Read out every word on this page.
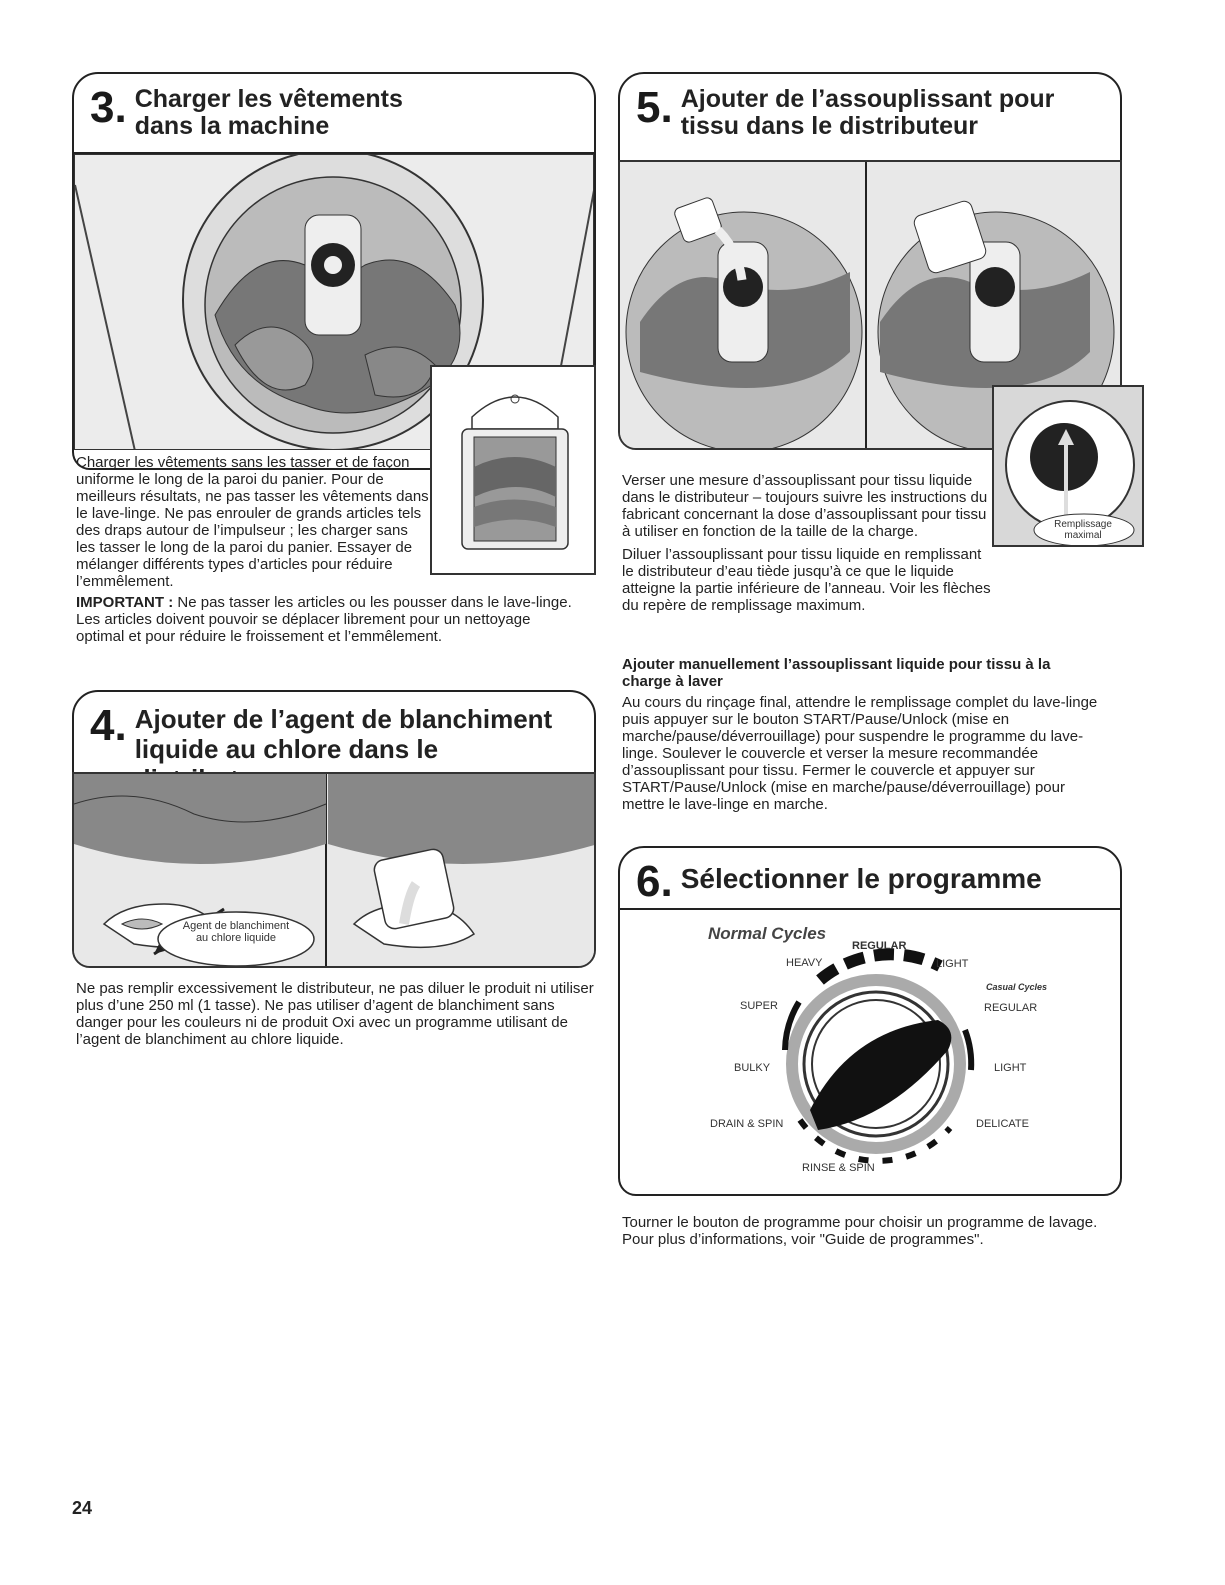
3. Charger les vêtements dans la machine
Charger les vêtements sans les tasser et de façon uniforme le long de la paroi du panier. Pour de meilleurs résultats, ne pas tasser les vêtements dans le lave-linge. Ne pas enrouler de grands articles tels des draps autour de l’impulseur ; les charger sans les tasser le long de la paroi du panier. Essayer de mélanger différents types d’articles pour réduire l’emmêlement.
IMPORTANT : Ne pas tasser les articles ou les pousser dans le lave-linge. Les articles doivent pouvoir se déplacer librement pour un nettoyage optimal et pour réduire le froissement et l’emmêlement.
4. Ajouter de l’agent de blanchiment liquide au chlore dans le
Agent de blanchiment au chlore liquide
Ne pas remplir excessivement le distributeur, ne pas diluer le produit ni utiliser plus d’une 250 ml (1 tasse). Ne pas utiliser d’agent de blanchiment sans danger pour les couleurs ni de produit Oxi avec un programme utilisant de l’agent de blanchiment au chlore liquide.
5. Ajouter de l’assouplissant pour tissu dans le distributeur
Remplissage maximal

Verser une mesure d’assouplissant pour tissu liquide dans le distributeur – toujours suivre les instructions du fabricant concernant la dose d’assouplissant pour tissu à utiliser en fonction de la taille de la charge.

Diluer l’assouplissant pour tissu liquide en remplissant le distributeur d’eau tiède jusqu’à ce que le liquide atteigne la partie inférieure de l’anneau. Voir les flèches du repère de remplissage maximum.

Ajouter manuellement l’assouplissant liquide pour tissu à la charge à laver

Au cours du rinçage final, attendre le remplissage complet du lave-linge puis appuyer sur le bouton START/Pause/Unlock (mise en marche/pause/déverrouillage) pour suspendre le programme du lave-linge. Soulever le couvercle et verser la mesure recommandée d’assouplissant pour tissu. Fermer le couvercle et appuyer sur START/Pause/Unlock (mise en marche/pause/déverrouillage) pour mettre le lave-linge en marche.

6. Sélectionner le programme
Normal Cycles
Casual Cycles
REGULAR
HEAVY	LIGHT
SUPER	REGULAR
BULKY	LIGHT
DRAIN & SPIN	DELICATE
RINSE & SPIN
Tourner le bouton de programme pour choisir un programme de lavage. Pour plus d’informations, voir "Guide de programmes".
24
